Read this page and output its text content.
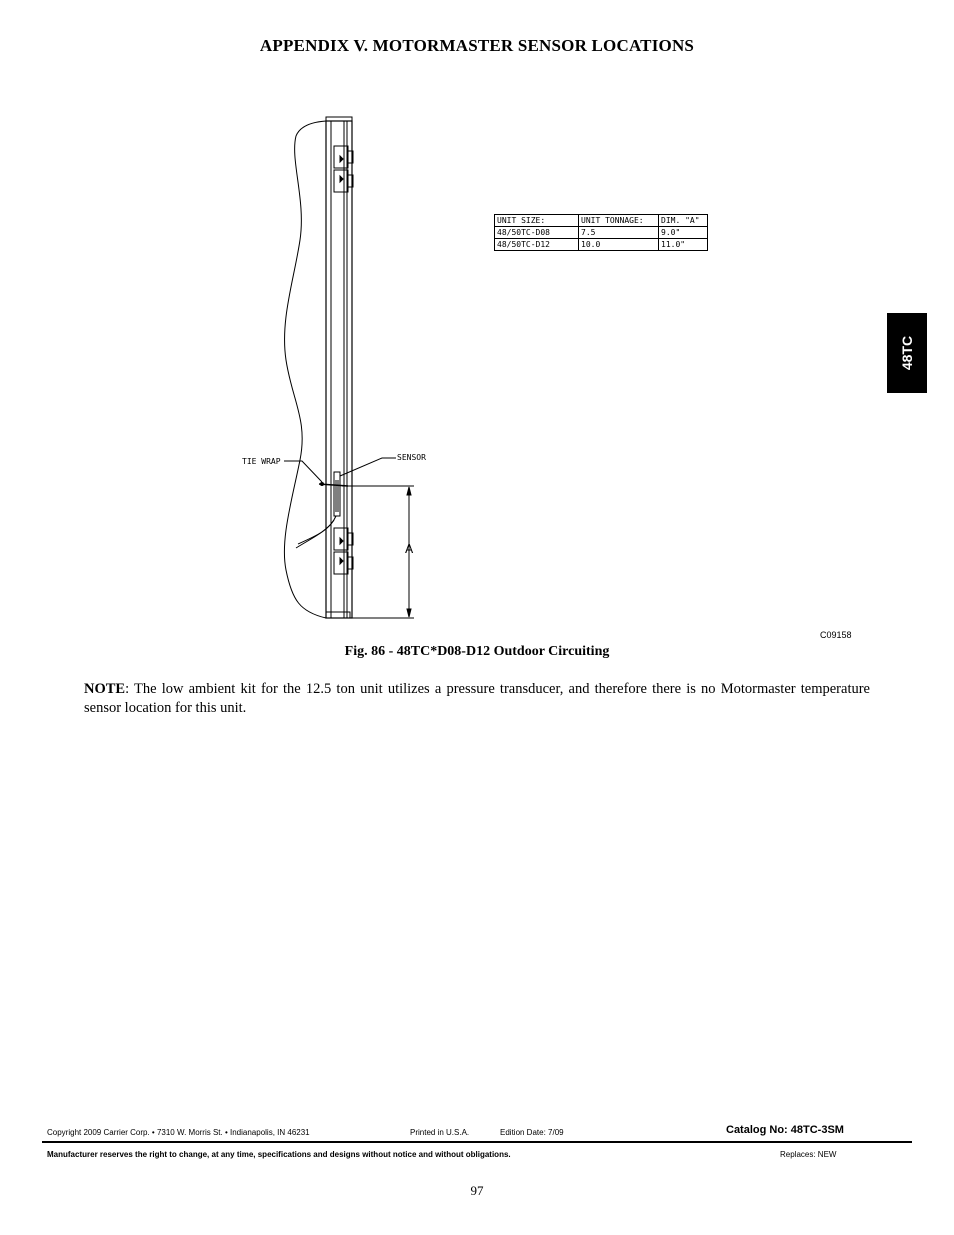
APPENDIX V. MOTORMASTER SENSOR LOCATIONS
TIE WRAP	SENSOR
A
UNIT SIZE:	UNIT TONNAGE:	DIM. "A"
48/50TC-D08	7.5	9.0"
48/50TC-D12	10.0	11.0"
48TC
C09158
Fig. 86 - 48TC*D08-D12 Outdoor Circuiting
NOTE: The low ambient kit for the 12.5 ton unit utilizes a pressure transducer, and therefore there is no Motormaster temperature sensor location for this unit.
Copyright 2009 Carrier Corp. • 7310 W. Morris St. • Indianapolis, IN 46231	Printed in U.S.A.	Edition Date: 7/09	Catalog No: 48TC-3SM
Manufacturer reserves the right to change, at any time, specifications and designs without notice and without obligations.	Replaces: NEW
97
